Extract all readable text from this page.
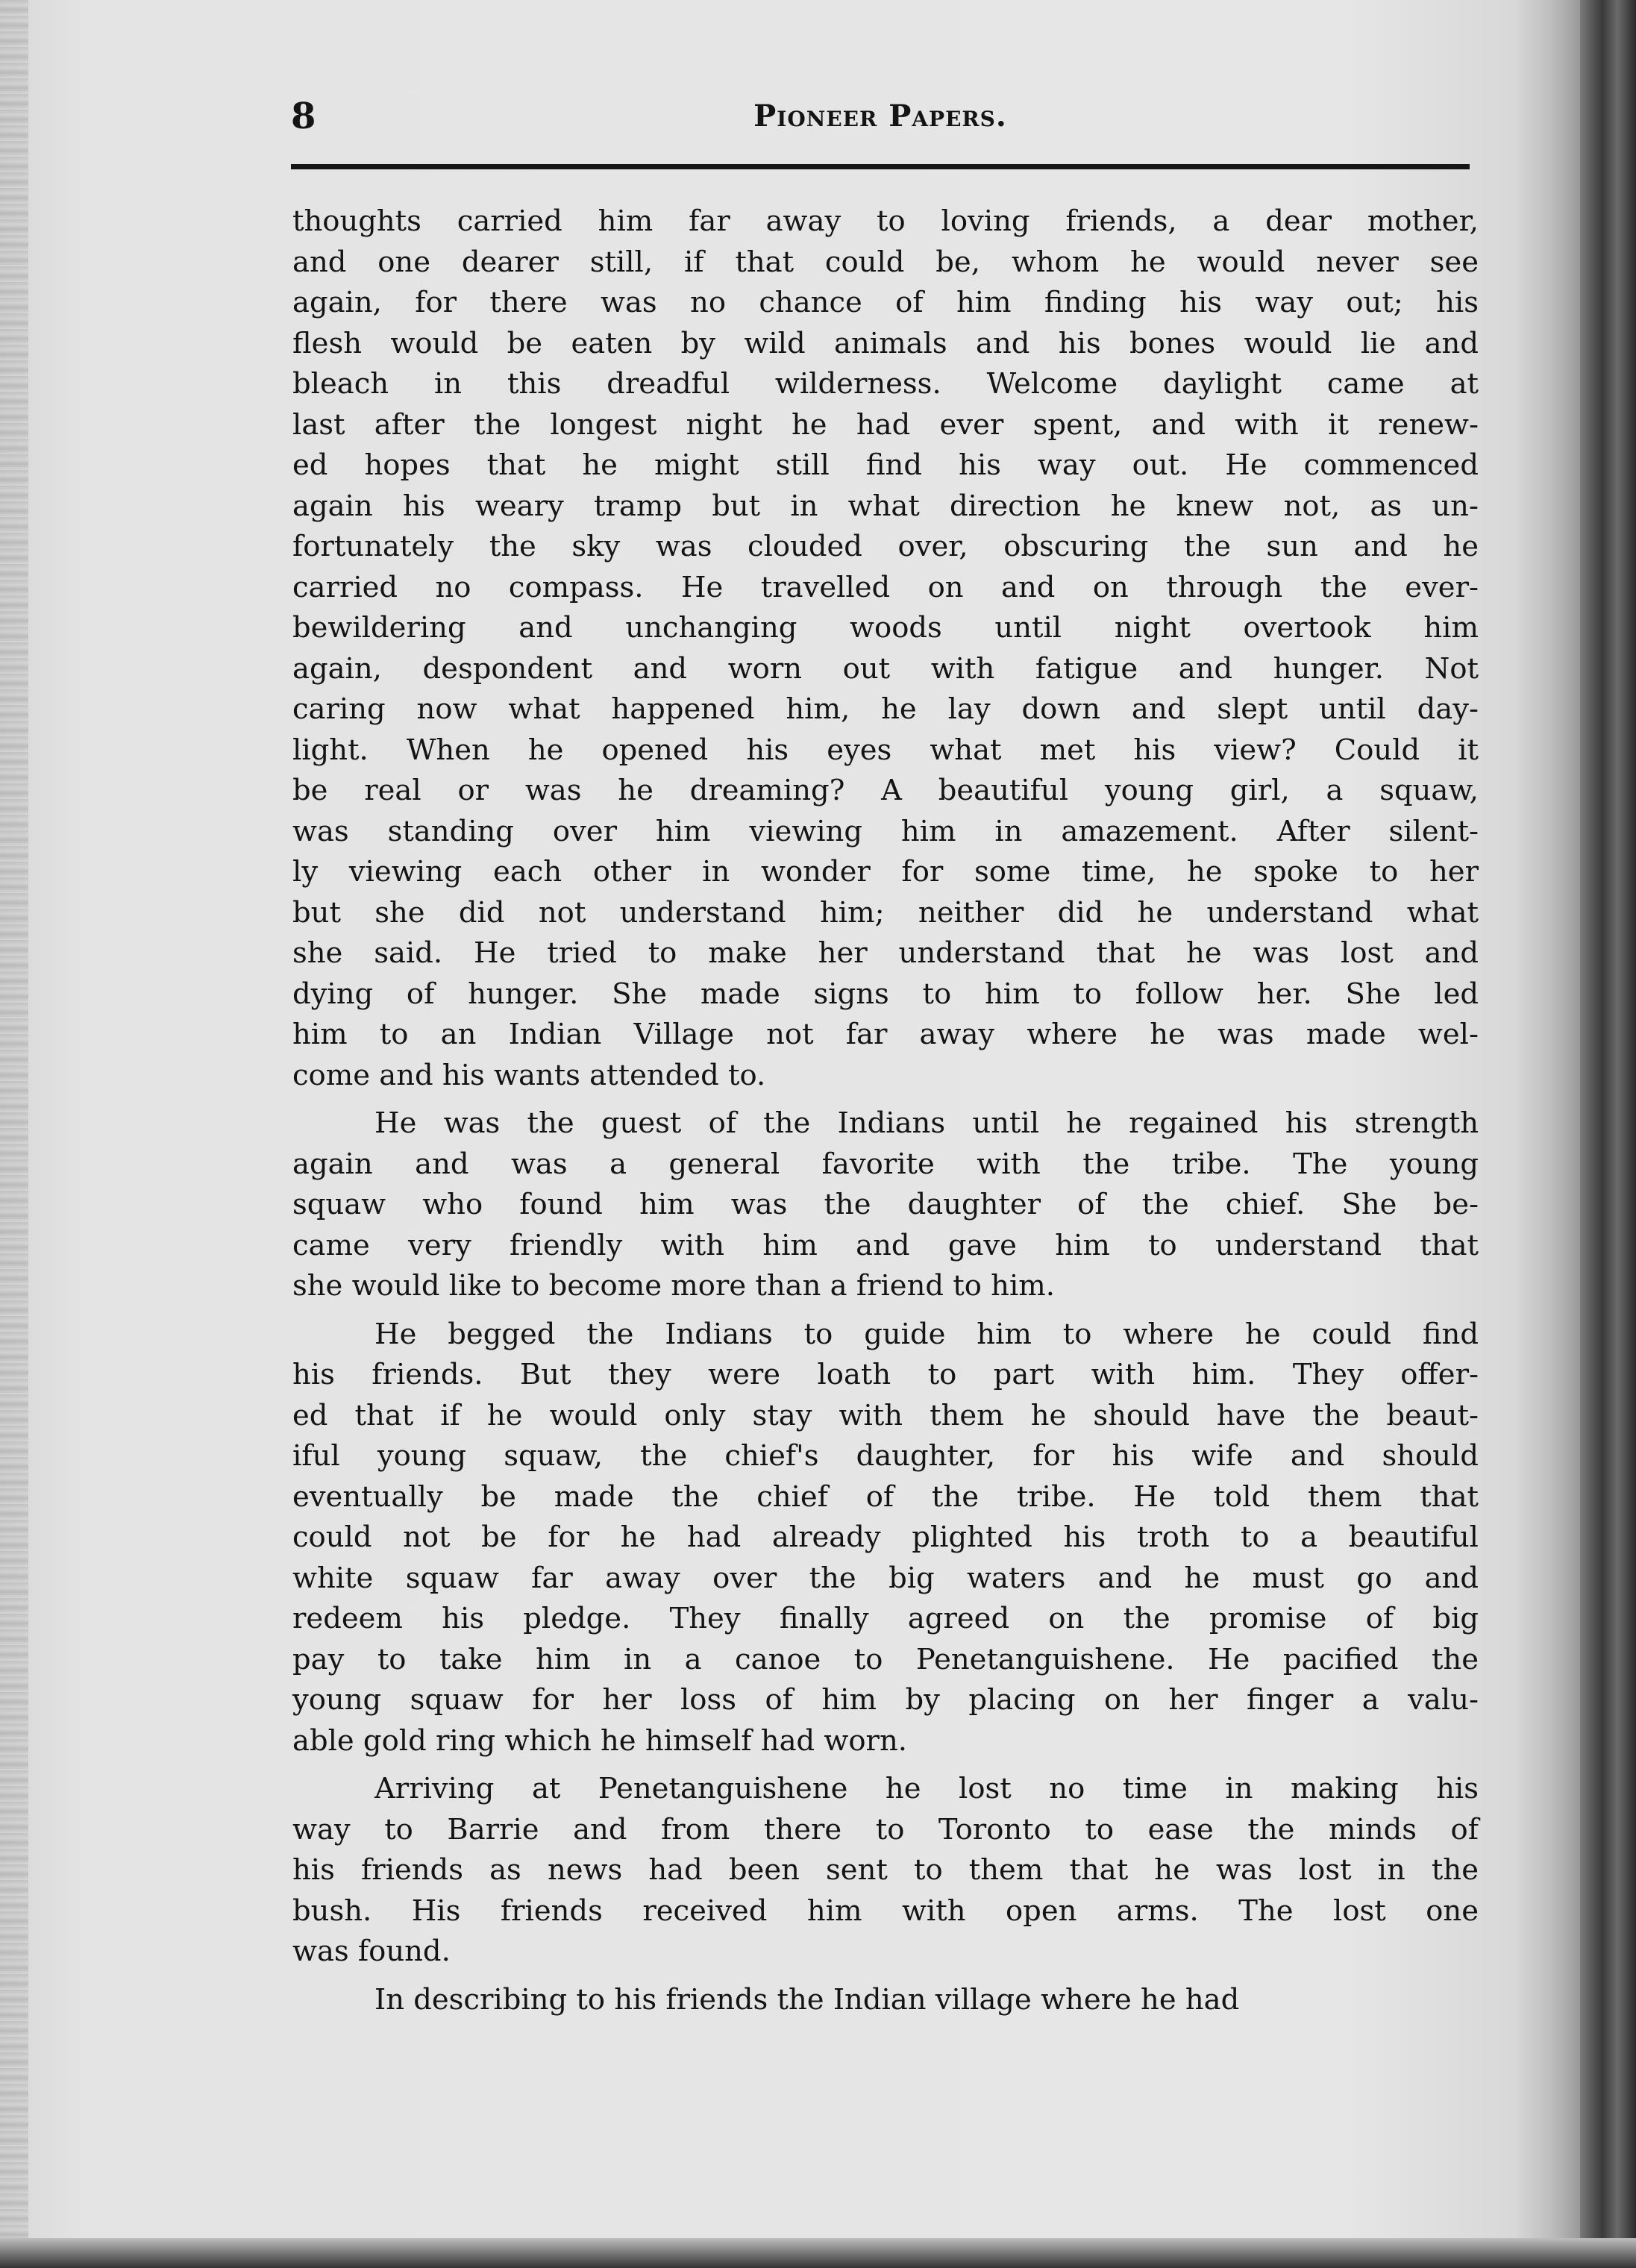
8	Pioneer Papers.
thoughts carried him far away to loving friends, a dear mother,
and one dearer still, if that could be, whom he would never see
again, for there was no chance of him finding his way out; his
flesh would be eaten by wild animals and his bones would lie and
bleach in this dreadful wilderness. Welcome daylight came at
last after the longest night he had ever spent, and with it renew-
ed hopes that he might still find his way out. He commenced
again his weary tramp but in what direction he knew not, as un-
fortunately the sky was clouded over, obscuring the sun and he
carried no compass. He travelled on and on through the ever-
bewildering and unchanging woods until night overtook him
again, despondent and worn out with fatigue and hunger. Not
caring now what happened him, he lay down and slept until day-
light. When he opened his eyes what met his view? Could it
be real or was he dreaming? A beautiful young girl, a squaw,
was standing over him viewing him in amazement. After silent-
ly viewing each other in wonder for some time, he spoke to her
but she did not understand him; neither did he understand what
she said. He tried to make her understand that he was lost and
dying of hunger. She made signs to him to follow her. She led
him to an Indian Village not far away where he was made wel-
come and his wants attended to.
He was the guest of the Indians until he regained his strength
again and was a general favorite with the tribe. The young
squaw who found him was the daughter of the chief. She be-
came very friendly with him and gave him to understand that
she would like to become more than a friend to him.
He begged the Indians to guide him to where he could find
his friends. But they were loath to part with him. They offer-
ed that if he would only stay with them he should have the beaut-
iful young squaw, the chief's daughter, for his wife and should
eventually be made the chief of the tribe. He told them that
could not be for he had already plighted his troth to a beautiful
white squaw far away over the big waters and he must go and
redeem his pledge. They finally agreed on the promise of big
pay to take him in a canoe to Penetanguishene. He pacified the
young squaw for her loss of him by placing on her finger a valu-
able gold ring which he himself had worn.
Arriving at Penetanguishene he lost no time in making his
way to Barrie and from there to Toronto to ease the minds of
his friends as news had been sent to them that he was lost in the
bush. His friends received him with open arms. The lost one
was found.
In describing to his friends the Indian village where he had
